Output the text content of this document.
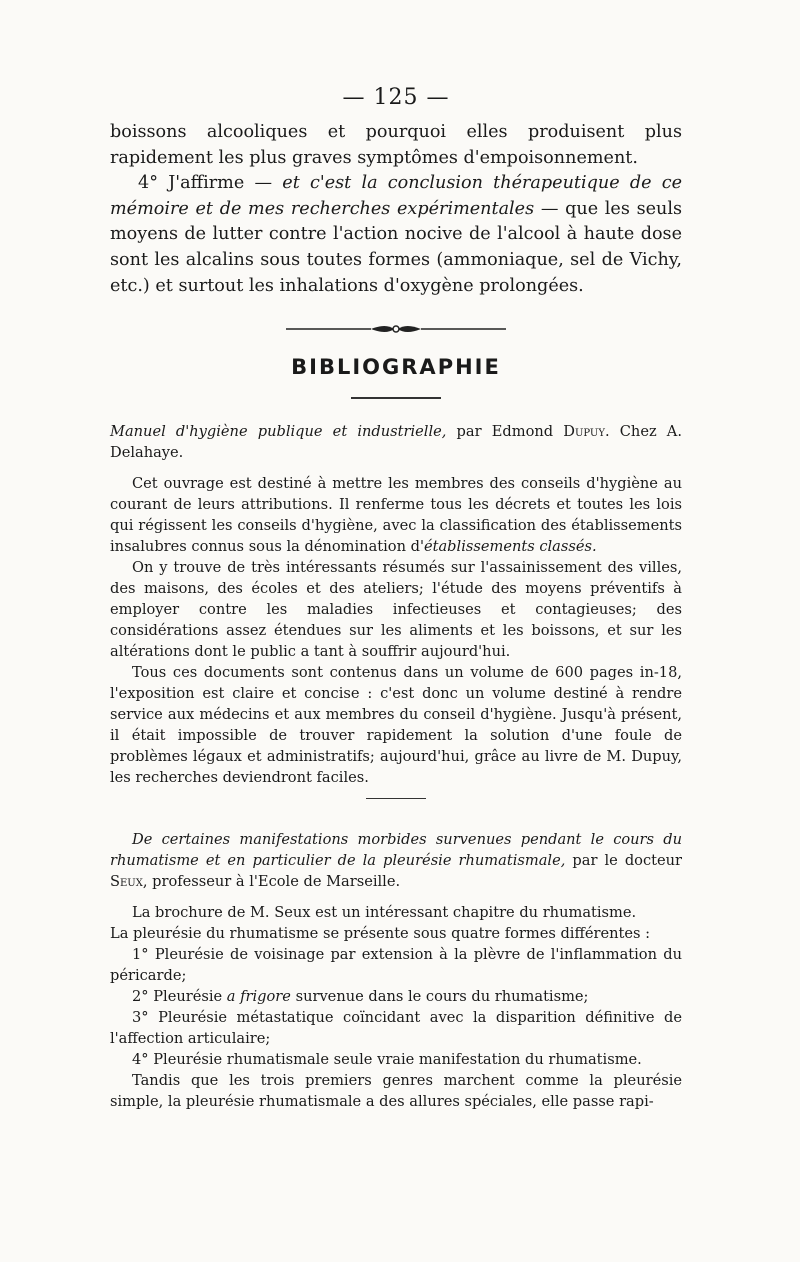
— 125 —

boissons alcooliques et pourquoi elles produisent plus rapidement les plus graves symptômes d'empoisonnement.

4° J'affirme — et c'est la conclusion thérapeutique de ce mémoire et de mes recherches expérimentales — que les seuls moyens de lutter contre l'action nocive de l'alcool à haute dose sont les alcalins sous toutes formes (ammoniaque, sel de Vichy, etc.) et surtout les inhalations d'oxygène prolongées.

BIBLIOGRAPHIE

Manuel d'hygiène publique et industrielle, par Edmond Dupuy. Chez A. Delahaye.

Cet ouvrage est destiné à mettre les membres des conseils d'hygiène au courant de leurs attributions. Il renferme tous les décrets et toutes les lois qui régissent les conseils d'hygiène, avec la classification des établissements insalubres connus sous la dénomination d'établissements classés.

On y trouve de très intéressants résumés sur l'assainissement des villes, des maisons, des écoles et des ateliers; l'étude des moyens préventifs à employer contre les maladies infectieuses et contagieuses; des considérations assez étendues sur les aliments et les boissons, et sur les altérations dont le public a tant à souffrir aujourd'hui.

Tous ces documents sont contenus dans un volume de 600 pages in-18, l'exposition est claire et concise : c'est donc un volume destiné à rendre service aux médecins et aux membres du conseil d'hygiène. Jusqu'à présent, il était impossible de trouver rapidement la solution d'une foule de problèmes légaux et administratifs; aujourd'hui, grâce au livre de M. Dupuy, les recherches deviendront faciles.

De certaines manifestations morbides survenues pendant le cours du rhumatisme et en particulier de la pleurésie rhumatismale, par le docteur Seux, professeur à l'Ecole de Marseille.

La brochure de M. Seux est un intéressant chapitre du rhumatisme.

La pleurésie du rhumatisme se présente sous quatre formes différentes :

1° Pleurésie de voisinage par extension à la plèvre de l'inflammation du péricarde;

2° Pleurésie a frigore survenue dans le cours du rhumatisme;

3° Pleurésie métastatique coïncidant avec la disparition définitive de l'affection articulaire;

4° Pleurésie rhumatismale seule vraie manifestation du rhumatisme.

Tandis que les trois premiers genres marchent comme la pleurésie simple, la pleurésie rhumatismale a des allures spéciales, elle passe rapi-
